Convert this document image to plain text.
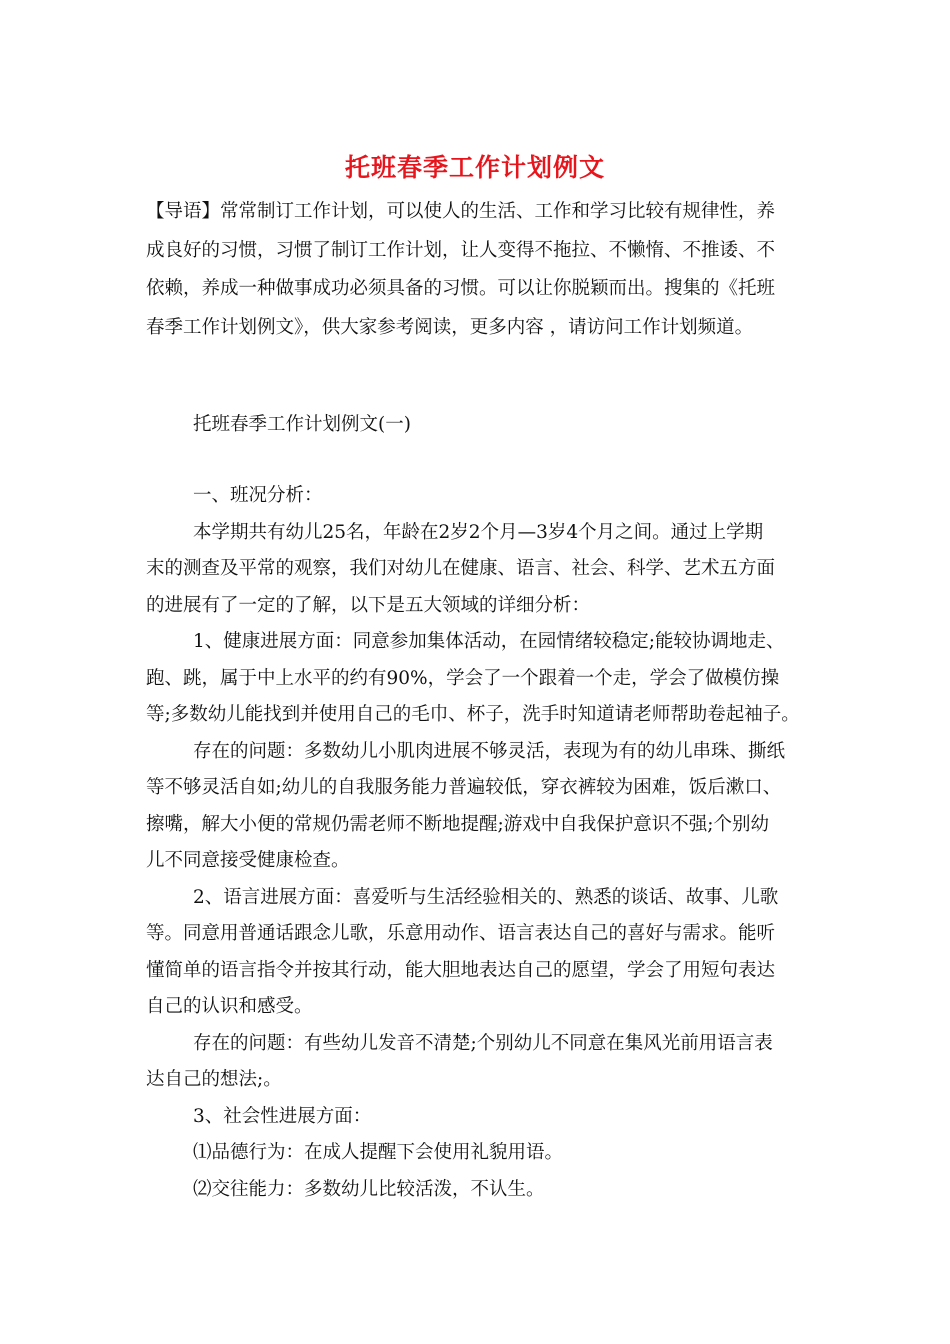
托班春季工作计划例文
【导语】常常制订工作计划，可以使人的生活、工作和学习比较有规律性，养
成良好的习惯，习惯了制订工作计划，让人变得不拖拉、不懒惰、不推诿、不
依赖，养成一种做事成功必须具备的习惯。可以让你脱颖而出。搜集的《托班
春季工作计划例文》，供大家参考阅读，更多内容 ，请访问工作计划频道。
托班春季工作计划例文(一)
一、班况分析：
本学期共有幼儿25名，年龄在2岁2个月—3岁4个月之间。通过上学期
末的测查及平常的观察，我们对幼儿在健康、语言、社会、科学、艺术五方面
的进展有了一定的了解，以下是五大领域的详细分析：
1、健康进展方面：同意参加集体活动，在园情绪较稳定;能较协调地走、
跑、跳，属于中上水平的约有90%，学会了一个跟着一个走，学会了做模仿操
等;多数幼儿能找到并使用自己的毛巾、杯子，洗手时知道请老师帮助卷起袖子。
存在的问题：多数幼儿小肌肉进展不够灵活，表现为有的幼儿串珠、撕纸
等不够灵活自如;幼儿的自我服务能力普遍较低，穿衣裤较为困难，饭后漱口、
擦嘴，解大小便的常规仍需老师不断地提醒;游戏中自我保护意识不强;个别幼
儿不同意接受健康检查。
2、语言进展方面：喜爱听与生活经验相关的、熟悉的谈话、故事、儿歌
等。同意用普通话跟念儿歌，乐意用动作、语言表达自己的喜好与需求。能听
懂简单的语言指令并按其行动，能大胆地表达自己的愿望，学会了用短句表达
自己的认识和感受。
存在的问题：有些幼儿发音不清楚;个别幼儿不同意在集风光前用语言表
达自己的想法;。
3、社会性进展方面：
⑴品德行为：在成人提醒下会使用礼貌用语。
⑵交往能力：多数幼儿比较活泼，不认生。
